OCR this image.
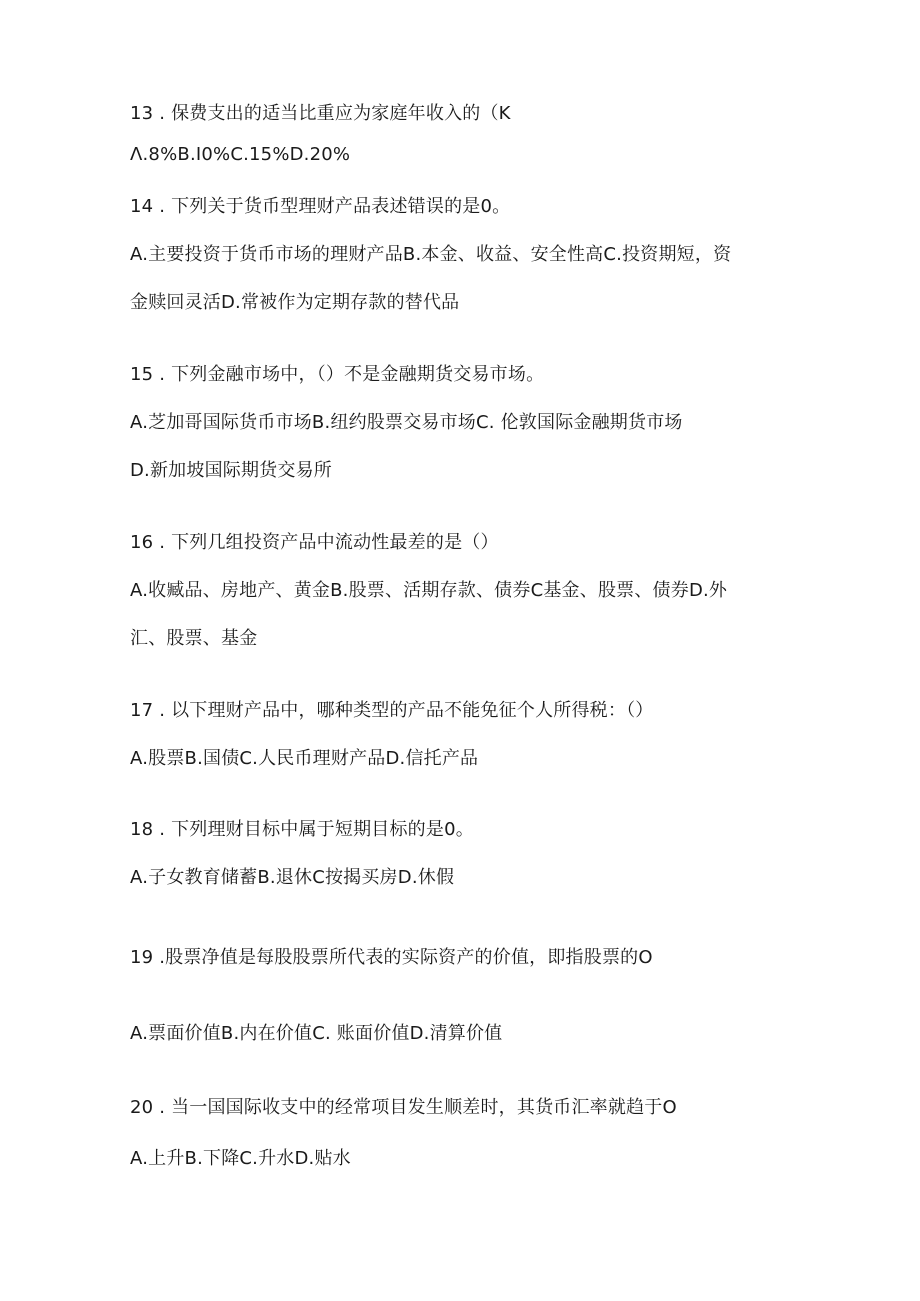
13 . 保费支出的适当比重应为家庭年收入的（K
Λ.8%B.I0%C.15%D.20%
14 . 下列关于货币型理财产品表述错误的是0。
A.主要投资于货币市场的理财产品B.本金、收益、安全性高C.投资期短，资
金赎回灵活D.常被作为定期存款的替代品
15 . 下列金融市场中，（）不是金融期货交易市场。
A.芝加哥国际货币市场B.纽约股票交易市场C. 伦敦国际金融期货市场
D.新加坡国际期货交易所
16 . 下列几组投资产品中流动性最差的是（）
A.收臧品、房地产、黄金B.股票、活期存款、债券C基金、股票、债券D.外
汇、股票、基金
17 . 以下理财产品中，哪种类型的产品不能免征个人所得税：（）
A.股票B.国债C.人民币理财产品D.信托产品
18 . 下列理财目标中属于短期目标的是0。
A.子女教育储蓄B.退休C按揭买房D.休假
19 .股票净值是每股股票所代表的实际资产的价值，即指股票的O
A.票面价值B.内在价值C. 账面价值D.清算价值
20 . 当一国国际收支中的经常项目发生顺差时，其货币汇率就趋于O
A.上升B.下降C.升水D.贴水
